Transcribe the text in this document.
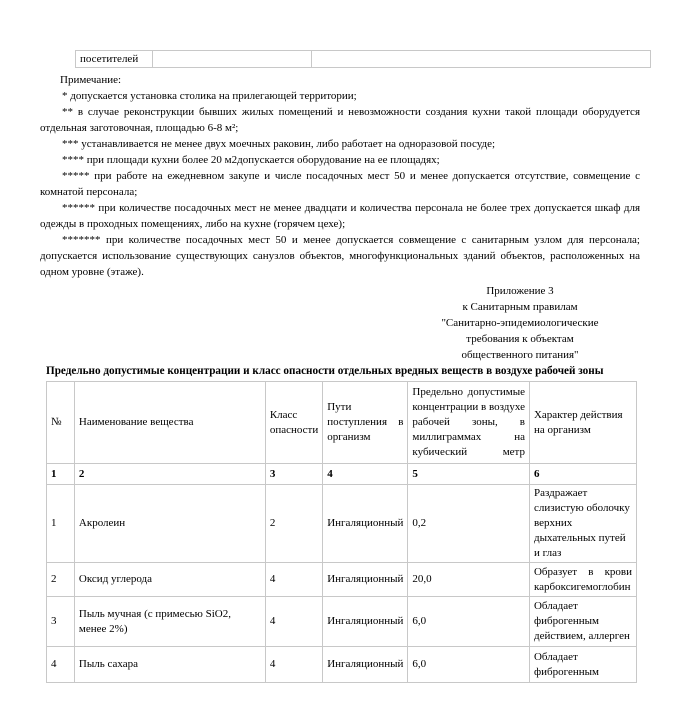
посетителей		

Примечание:

* допускается установка столика на прилегающей территории;

** в случае реконструкции бывших жилых помещений и невозможности создания кухни такой площади оборудуется отдельная заготовочная, площадью 6-8 м²;

*** устанавливается не менее двух моечных раковин, либо работает на одноразовой посуде;

**** при площади кухни более 20 м2допускается оборудование на ее площадях;

***** при работе на ежедневном закупе и числе посадочных мест 50 и менее допускается отсутствие, совмещение с комнатой персонала;

****** при количестве посадочных мест не менее двадцати и количества персонала не более трех допускается шкаф для одежды в проходных помещениях, либо на кухне (горячем цехе);

******* при количестве посадочных мест 50 и менее допускается совмещение с санитарным узлом для персонала; допускается использование существующих санузлов объектов, многофункциональных зданий объектов, расположенных на одном уровне (этаже).

Приложение 3
к Санитарным правилам
"Санитарно-эпидемиологические
требования к объектам
общественного питания"
Предельно допустимые концентрации и класс опасности отдельных вредных веществ в воздухе рабочей зоны
№	Наименование вещества	Класс опасности	Пути поступления в организм	Предельно допустимые концентрации в воздухе рабочей зоны, в миллиграммах на кубический метр	Характер действия на организм
1	2	3	4	5	6
1	Акролеин	2	Ингаляционный	0,2	Раздражает слизистую оболочку верхних дыхательных путей и глаз
2	Оксид углерода	4	Ингаляционный	20,0	Образует в крови карбоксигемоглобин
3	Пыль мучная (с примесью SiO2, менее 2%)	4	Ингаляционный	6,0	Обладает фиброгенным действием, аллерген
4	Пыль сахара	4	Ингаляционный	6,0	Обладает фиброгенным
